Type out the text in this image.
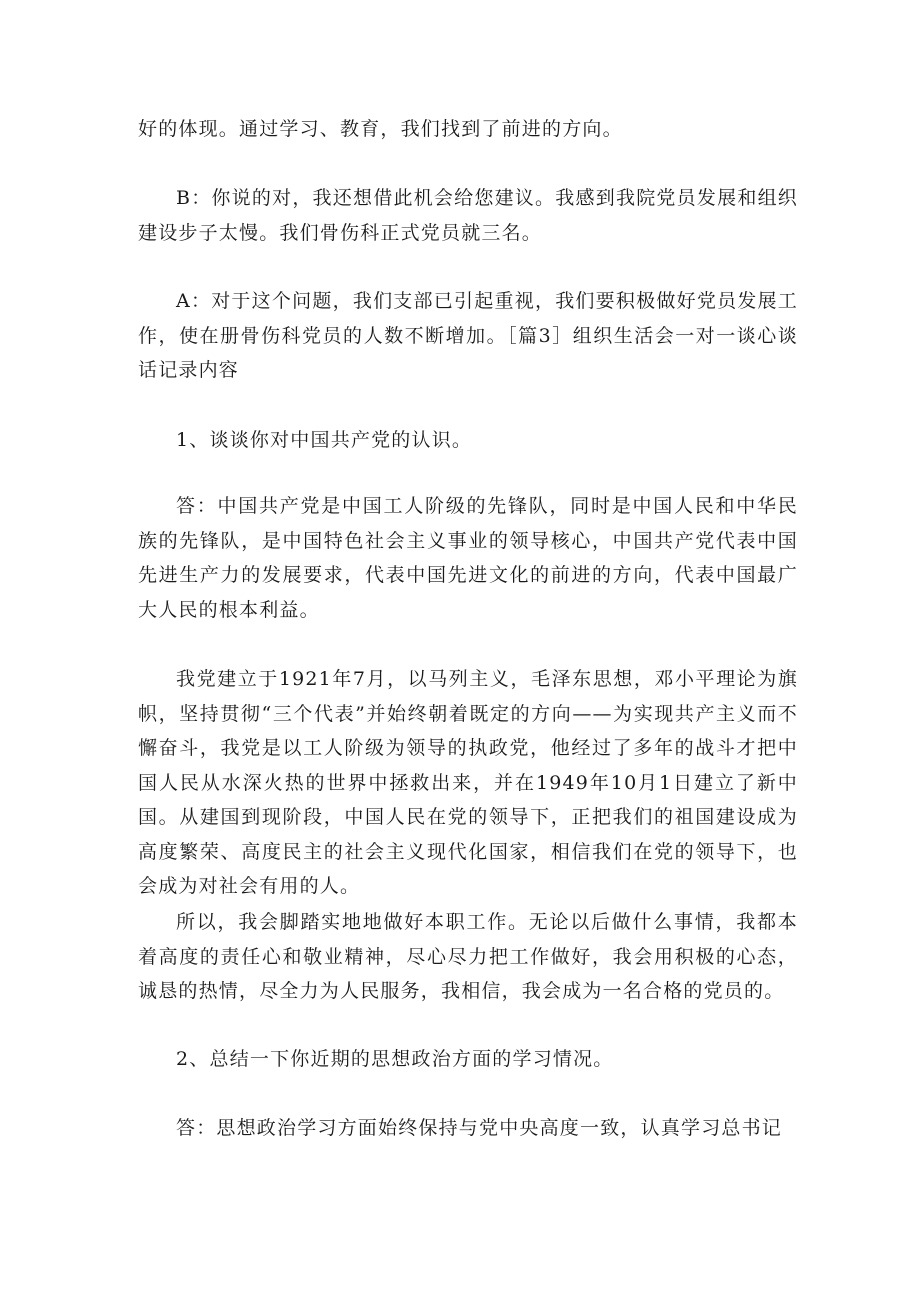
好的体现。通过学习、教育，我们找到了前进的方向。

B：你说的对，我还想借此机会给您建议。我感到我院党员发展和组织建设步子太慢。我们骨伤科正式党员就三名。

A：对于这个问题，我们支部已引起重视，我们要积极做好党员发展工作，使在册骨伤科党员的人数不断增加。［篇3］组织生活会一对一谈心谈话记录内容

1、谈谈你对中国共产党的认识。

答：中国共产党是中国工人阶级的先锋队，同时是中国人民和中华民族的先锋队，是中国特色社会主义事业的领导核心，中国共产党代表中国先进生产力的发展要求，代表中国先进文化的前进的方向，代表中国最广大人民的根本利益。

我党建立于1921年7月，以马列主义，毛泽东思想，邓小平理论为旗帜，坚持贯彻“三个代表”并始终朝着既定的方向——为实现共产主义而不懈奋斗，我党是以工人阶级为领导的执政党，他经过了多年的战斗才把中国人民从水深火热的世界中拯救出来，并在1949年10月1日建立了新中国。从建国到现阶段，中国人民在党的领导下，正把我们的祖国建设成为高度繁荣、高度民主的社会主义现代化国家，相信我们在党的领导下，也会成为对社会有用的人。

所以，我会脚踏实地地做好本职工作。无论以后做什么事情，我都本着高度的责任心和敬业精神，尽心尽力把工作做好，我会用积极的心态，诚恳的热情，尽全力为人民服务，我相信，我会成为一名合格的党员的。

2、总结一下你近期的思想政治方面的学习情况。

答：思想政治学习方面始终保持与党中央高度一致，认真学习总书记
